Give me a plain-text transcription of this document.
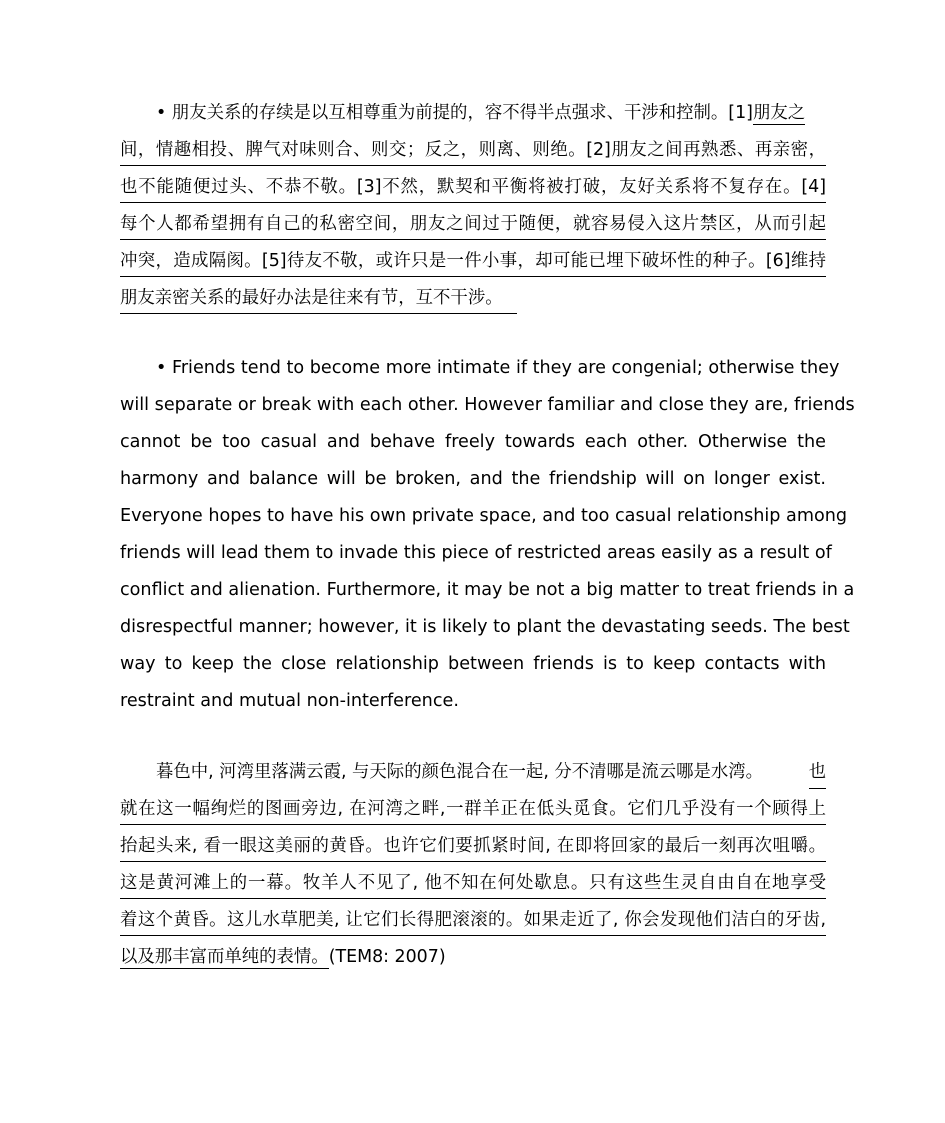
• 朋友关系的存续是以互相尊重为前提的，容不得半点强求、干涉和控制。[1]朋友之
间，情趣相投、脾气对味则合、则交；反之，则离、则绝。[2]朋友之间再熟悉、再亲密，
也不能随便过头、不恭不敬。[3]不然，默契和平衡将被打破，友好关系将不复存在。[4]
每个人都希望拥有自己的私密空间，朋友之间过于随便，就容易侵入这片禁区，从而引起
冲突，造成隔阂。[5]待友不敬，或许只是一件小事，却可能已埋下破坏性的种子。[6]维持
朋友亲密关系的最好办法是往来有节，互不干涉。
• Friends tend to become more intimate if they are congenial; otherwise they
will separate or break with each other. However familiar and close they are, friends
cannot be too casual and behave freely towards each other. Otherwise the
harmony and balance will be broken, and the friendship will on longer exist.
Everyone hopes to have his own private space, and too casual relationship among
friends will lead them to invade this piece of restricted areas easily as a result of
conflict and alienation. Furthermore, it may be not a big matter to treat friends in a
disrespectful manner; however, it is likely to plant the devastating seeds. The best
way to keep the close relationship between friends is to keep contacts with
restraint and mutual non-interference.
暮色中, 河湾里落满云霞, 与天际的颜色混合在一起, 分不清哪是流云哪是水湾。	也
就在这一幅绚烂的图画旁边, 在河湾之畔,一群羊正在低头觅食。它们几乎没有一个顾得上
抬起头来, 看一眼这美丽的黄昏。也许它们要抓紧时间, 在即将回家的最后一刻再次咀嚼。
这是黄河滩上的一幕。牧羊人不见了, 他不知在何处歇息。只有这些生灵自由自在地享受
着这个黄昏。这儿水草肥美, 让它们长得肥滚滚的。如果走近了, 你会发现他们洁白的牙齿,
以及那丰富而单纯的表情。(TEM8: 2007)
